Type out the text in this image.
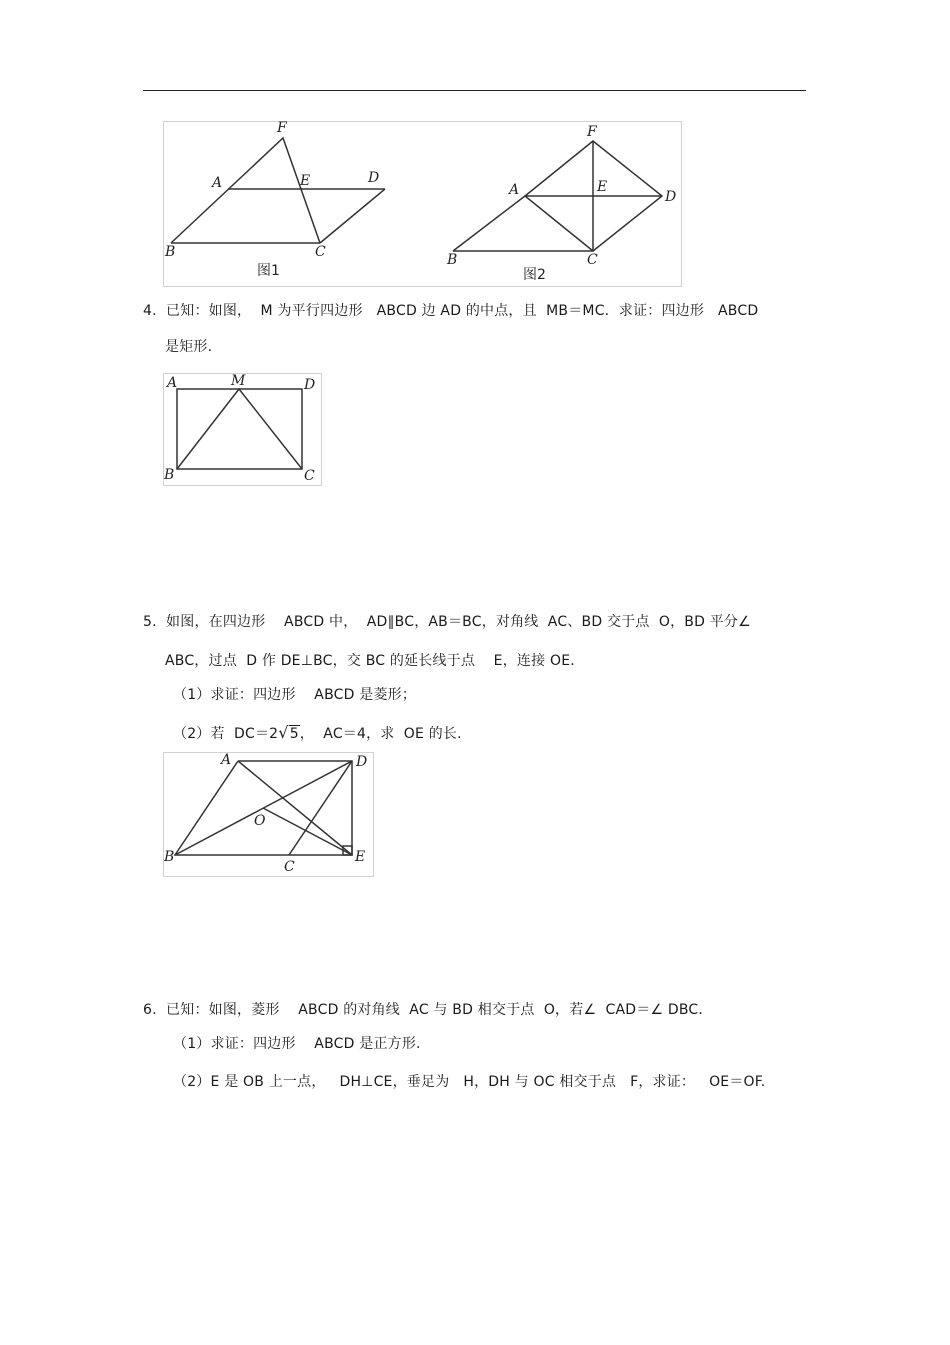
F
A	E	D
B	C
图1
F
A	E
D
B	C
图2
4.  已知：如图，  M 为平行四边形   ABCD 边 AD 的中点，且  MB＝MC．求证：四边形   ABCD
是矩形.
A	M	D
B	C
5.  如图，在四边形    ABCD 中，  AD∥BC，AB＝BC，对角线  AC、BD 交于点  O，BD 平分∠
ABC，过点  D 作 DE⊥BC，交 BC 的延长线于点    E，连接 OE．
（1）求证：四边形    ABCD 是菱形；
（2）若  DC＝2√5，  AC＝4，求  OE 的长.
A	D
O
B
C
E
6.  已知：如图，菱形    ABCD 的对角线  AC 与 BD 相交于点  O，若∠  CAD＝∠ DBC．
（1）求证：四边形    ABCD 是正方形.
（2）E 是 OB 上一点，   DH⊥CE，垂足为   H，DH 与 OC 相交于点   F，求证：   OE＝OF.
